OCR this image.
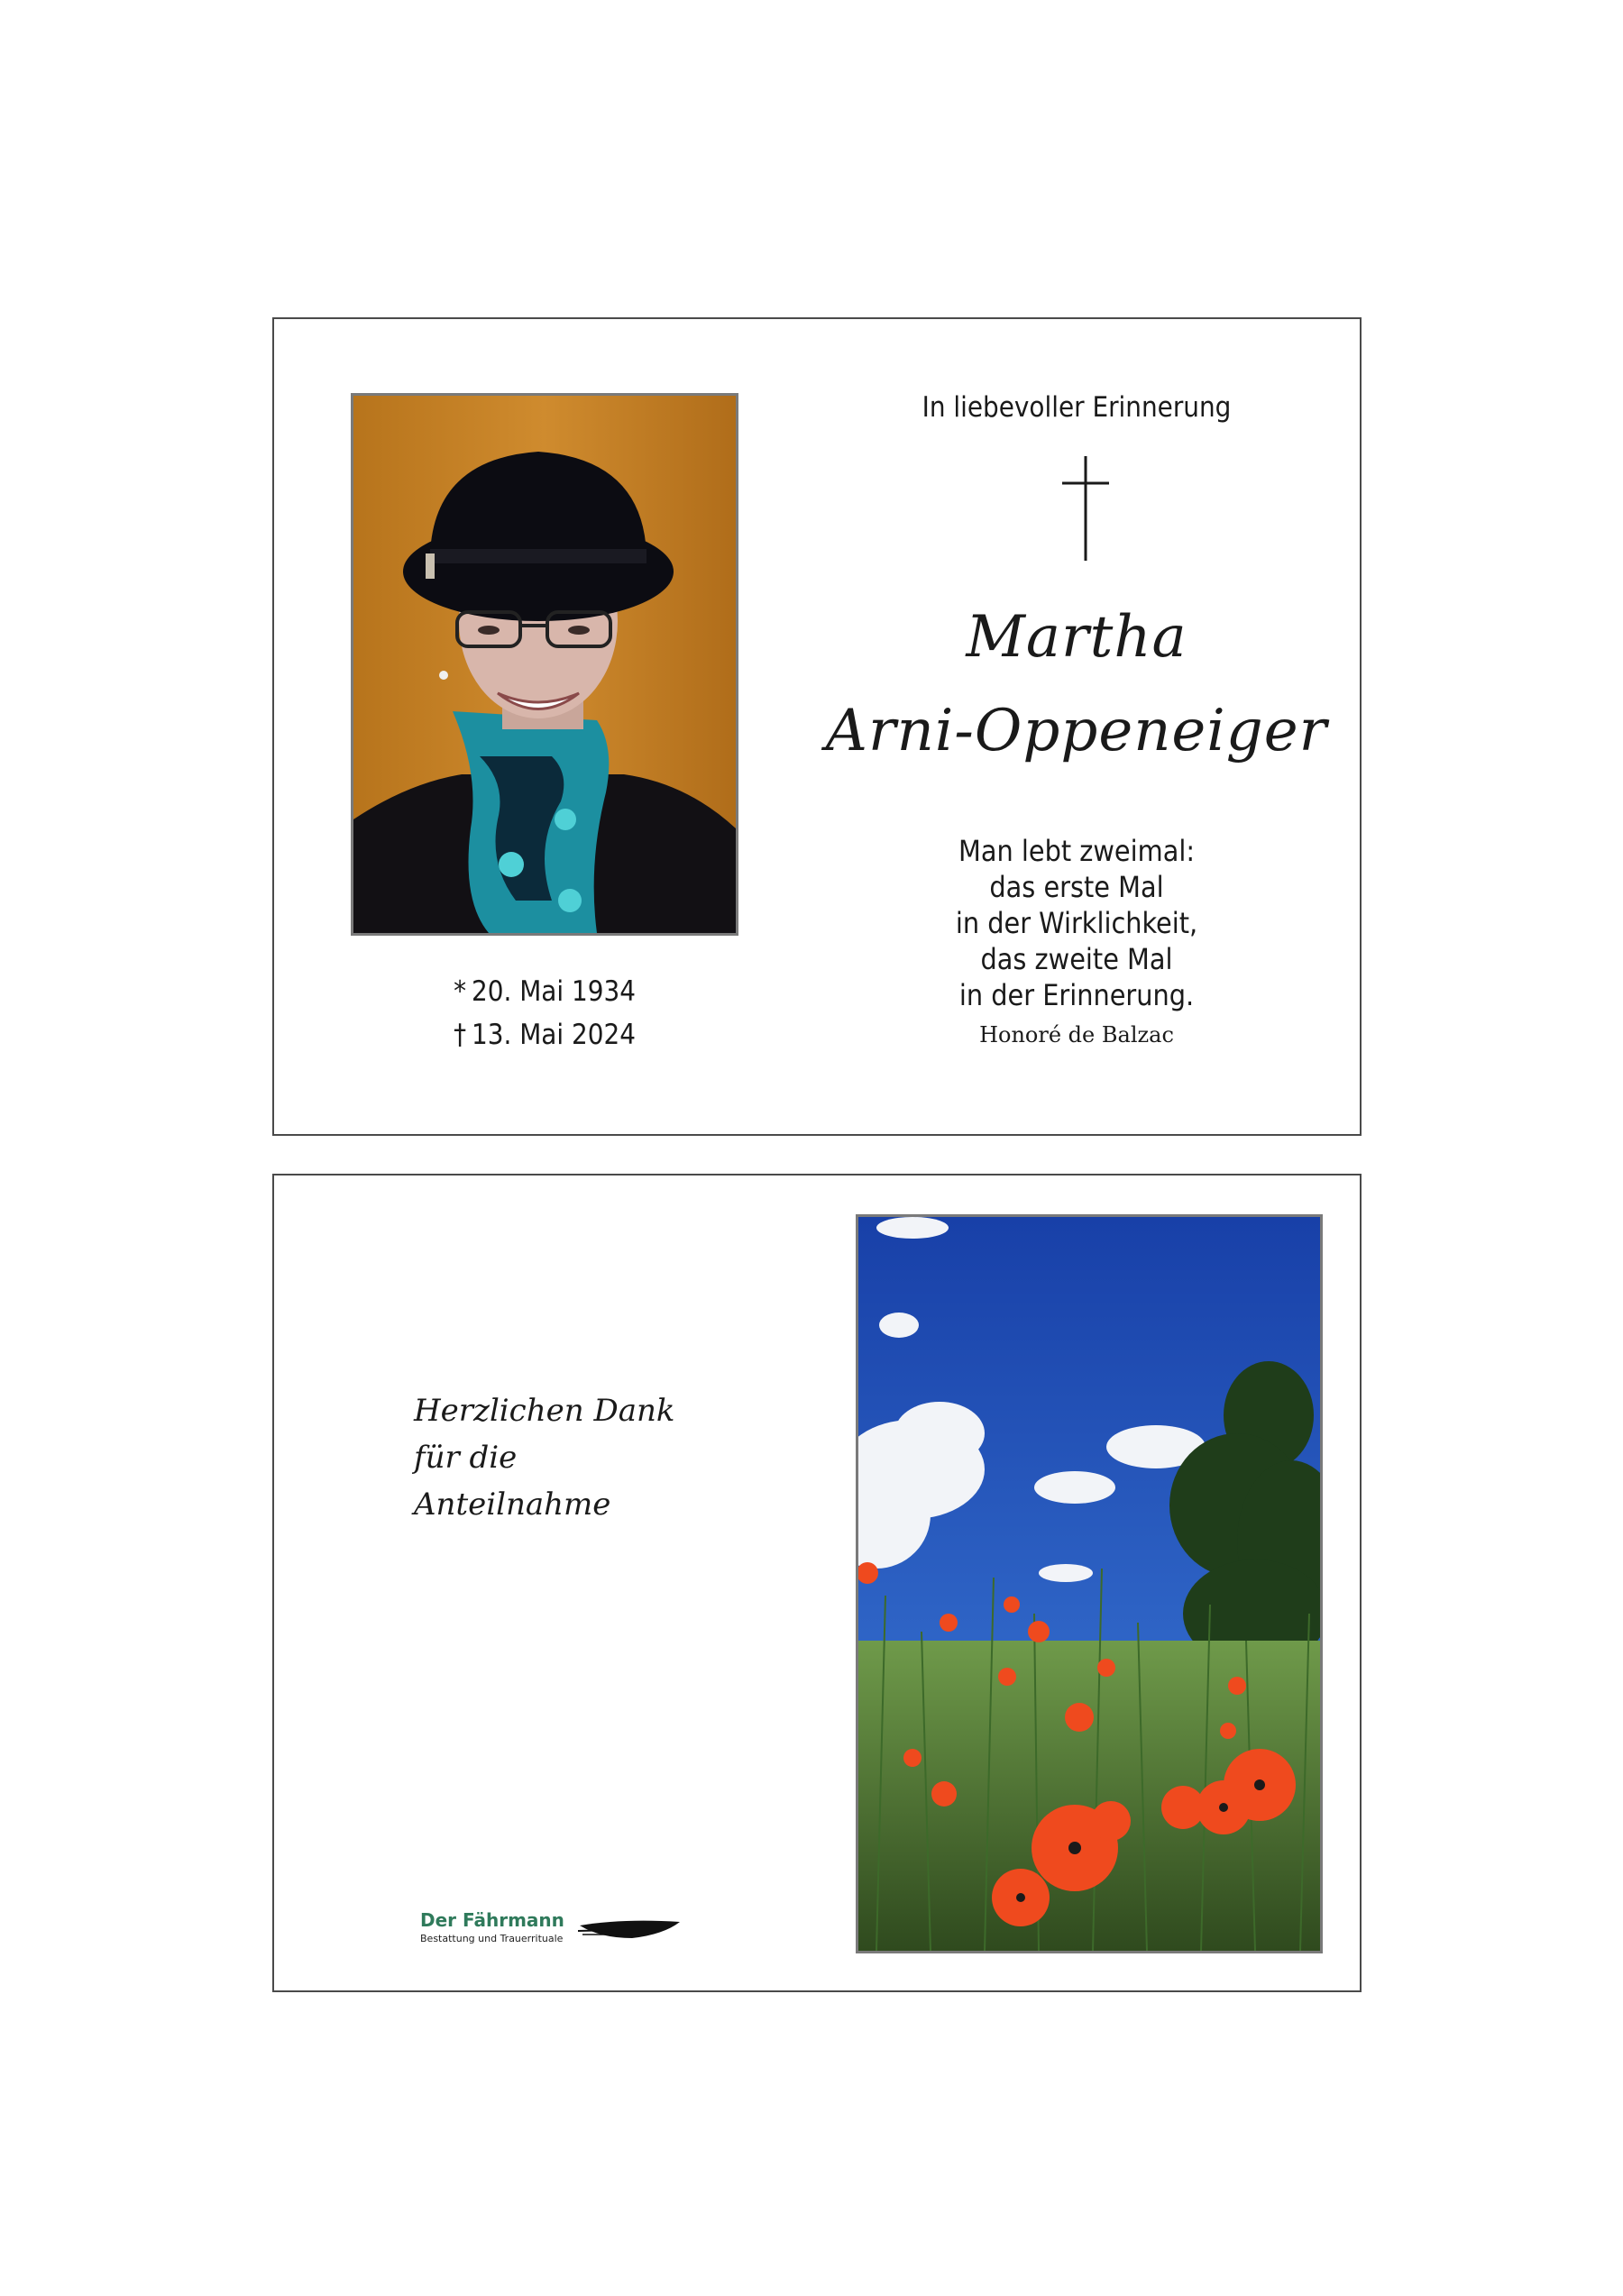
* 20. Mai 1934
† 13. Mai 2024
In liebevoller Erinnerung
Martha
Arni-Oppeneiger
Man lebt zweimal:
das erste Mal
in der Wirklichkeit,
das zweite Mal
in der Erinnerung.
Honoré de Balzac
Herzlichen Dank
für die Anteilnahme
Der Fährmann
Bestattung und Trauerrituale
